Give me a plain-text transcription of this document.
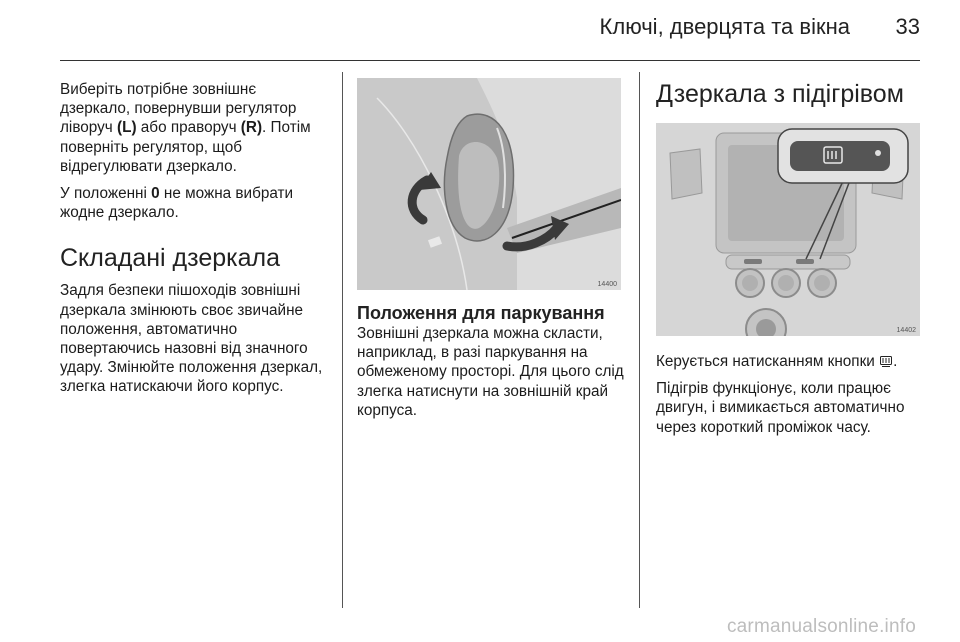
Ключі, дверцята та вікна 33

Виберіть потрібне зовнішнє дзеркало, повернувши регулятор ліворуч (L) або праворуч (R). Потім поверніть регулятор, щоб відрегулювати дзеркало.

У положенні 0 не можна вибрати жодне дзеркало.

Складані дзеркала

Задля безпеки пішоходів зовнішні дзеркала змінюють своє звичайне положення, автоматично повертаючись назовні від значного удару. Змінюйте положення дзеркал, злегка натискаючи його корпус.

14400
Положення для паркування

Зовнішні дзеркала можна скласти, наприклад, в разі паркування на обмеженому просторі. Для цього слід злегка натиснути на зовнішній край корпуса.

Дзеркала з підігрівом
14402

Керується натисканням кнопки .

Підігрів функціонує, коли працює двигун, і вимикається автоматично через короткий проміжок часу.

carmanualsonline.info
